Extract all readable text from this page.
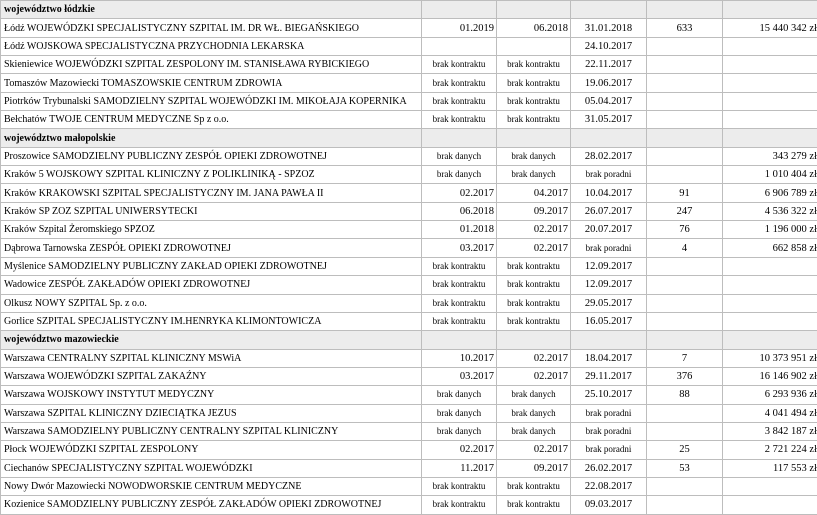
województwo łódzkie					
Łódź WOJEWÓDZKI SPECJALISTYCZNY SZPITAL IM. DR WŁ. BIEGAŃSKIEGO	01.2019	06.2018	31.01.2018	633	15 440 342 zł
Łódź WOJSKOWA SPECJALISTYCZNA PRZYCHODNIA LEKARSKA			24.10.2017		
Skieniewice WOJEWÓDZKI SZPITAL ZESPOLONY IM. STANISŁAWA RYBICKIEGO	brak kontraktu	brak kontraktu	22.11.2017		
Tomaszów Mazowiecki TOMASZOWSKIE CENTRUM ZDROWIA	brak kontraktu	brak kontraktu	19.06.2017		
Piotrków Trybunalski SAMODZIELNY SZPITAL WOJEWÓDZKI IM. MIKOŁAJA KOPERNIKA	brak kontraktu	brak kontraktu	05.04.2017		
Bełchatów TWOJE CENTRUM MEDYCZNE Sp z o.o.	brak kontraktu	brak kontraktu	31.05.2017		
województwo małopolskie					
Proszowice SAMODZIELNY PUBLICZNY ZESPÓŁ OPIEKI ZDROWOTNEJ	brak danych	brak danych	28.02.2017		343 279 zł
Kraków 5 WOJSKOWY SZPITAL KLINICZNY Z POLIKLINIKĄ - SPZOZ	brak danych	brak danych	brak poradni		1 010 404 zł
Kraków KRAKOWSKI SZPITAL SPECJALISTYCZNY IM. JANA PAWŁA II	02.2017	04.2017	10.04.2017	91	6 906 789 zł
Kraków SP ZOZ SZPITAL UNIWERSYTECKI	06.2018	09.2017	26.07.2017	247	4 536 322 zł
Kraków Szpital Żeromskiego SPZOZ	01.2018	02.2017	20.07.2017	76	1 196 000 zł
Dąbrowa Tarnowska ZESPÓŁ OPIEKI ZDROWOTNEJ	03.2017	02.2017	brak poradni	4	662 858 zł
Myślenice SAMODZIELNY PUBLICZNY ZAKŁAD OPIEKI ZDROWOTNEJ	brak kontraktu	brak kontraktu	12.09.2017		
Wadowice ZESPÓŁ ZAKŁADÓW OPIEKI ZDROWOTNEJ	brak kontraktu	brak kontraktu	12.09.2017		
Olkusz NOWY SZPITAL Sp. z o.o.	brak kontraktu	brak kontraktu	29.05.2017		
Gorlice SZPITAL SPECJALISTYCZNY IM.HENRYKA KLIMONTOWICZA	brak kontraktu	brak kontraktu	16.05.2017		
województwo mazowieckie					
Warszawa CENTRALNY SZPITAL KLINICZNY MSWiA	10.2017	02.2017	18.04.2017	7	10 373 951 zł
Warszawa WOJEWÓDZKI SZPITAL ZAKAŹNY	03.2017	02.2017	29.11.2017	376	16 146 902 zł
Warszawa WOJSKOWY INSTYTUT MEDYCZNY	brak danych	brak danych	25.10.2017	88	6 293 936 zł
Warszawa SZPITAL KLINICZNY DZIECIĄTKA JEZUS	brak danych	brak danych	brak poradni		4 041 494 zł
Warszawa SAMODZIELNY PUBLICZNY CENTRALNY SZPITAL KLINICZNY	brak danych	brak danych	brak poradni		3 842 187 zł
Płock WOJEWÓDZKI SZPITAL ZESPOLONY	02.2017	02.2017	brak poradni	25	2 721 224 zł
Ciechanów SPECJALISTYCZNY SZPITAL WOJEWÓDZKI	11.2017	09.2017	26.02.2017	53	117 553 zł
Nowy Dwór Mazowiecki NOWODWORSKIE CENTRUM MEDYCZNE	brak kontraktu	brak kontraktu	22.08.2017		
Kozienice SAMODZIELNY PUBLICZNY ZESPÓŁ ZAKŁADÓW OPIEKI ZDROWOTNEJ	brak kontraktu	brak kontraktu	09.03.2017		
